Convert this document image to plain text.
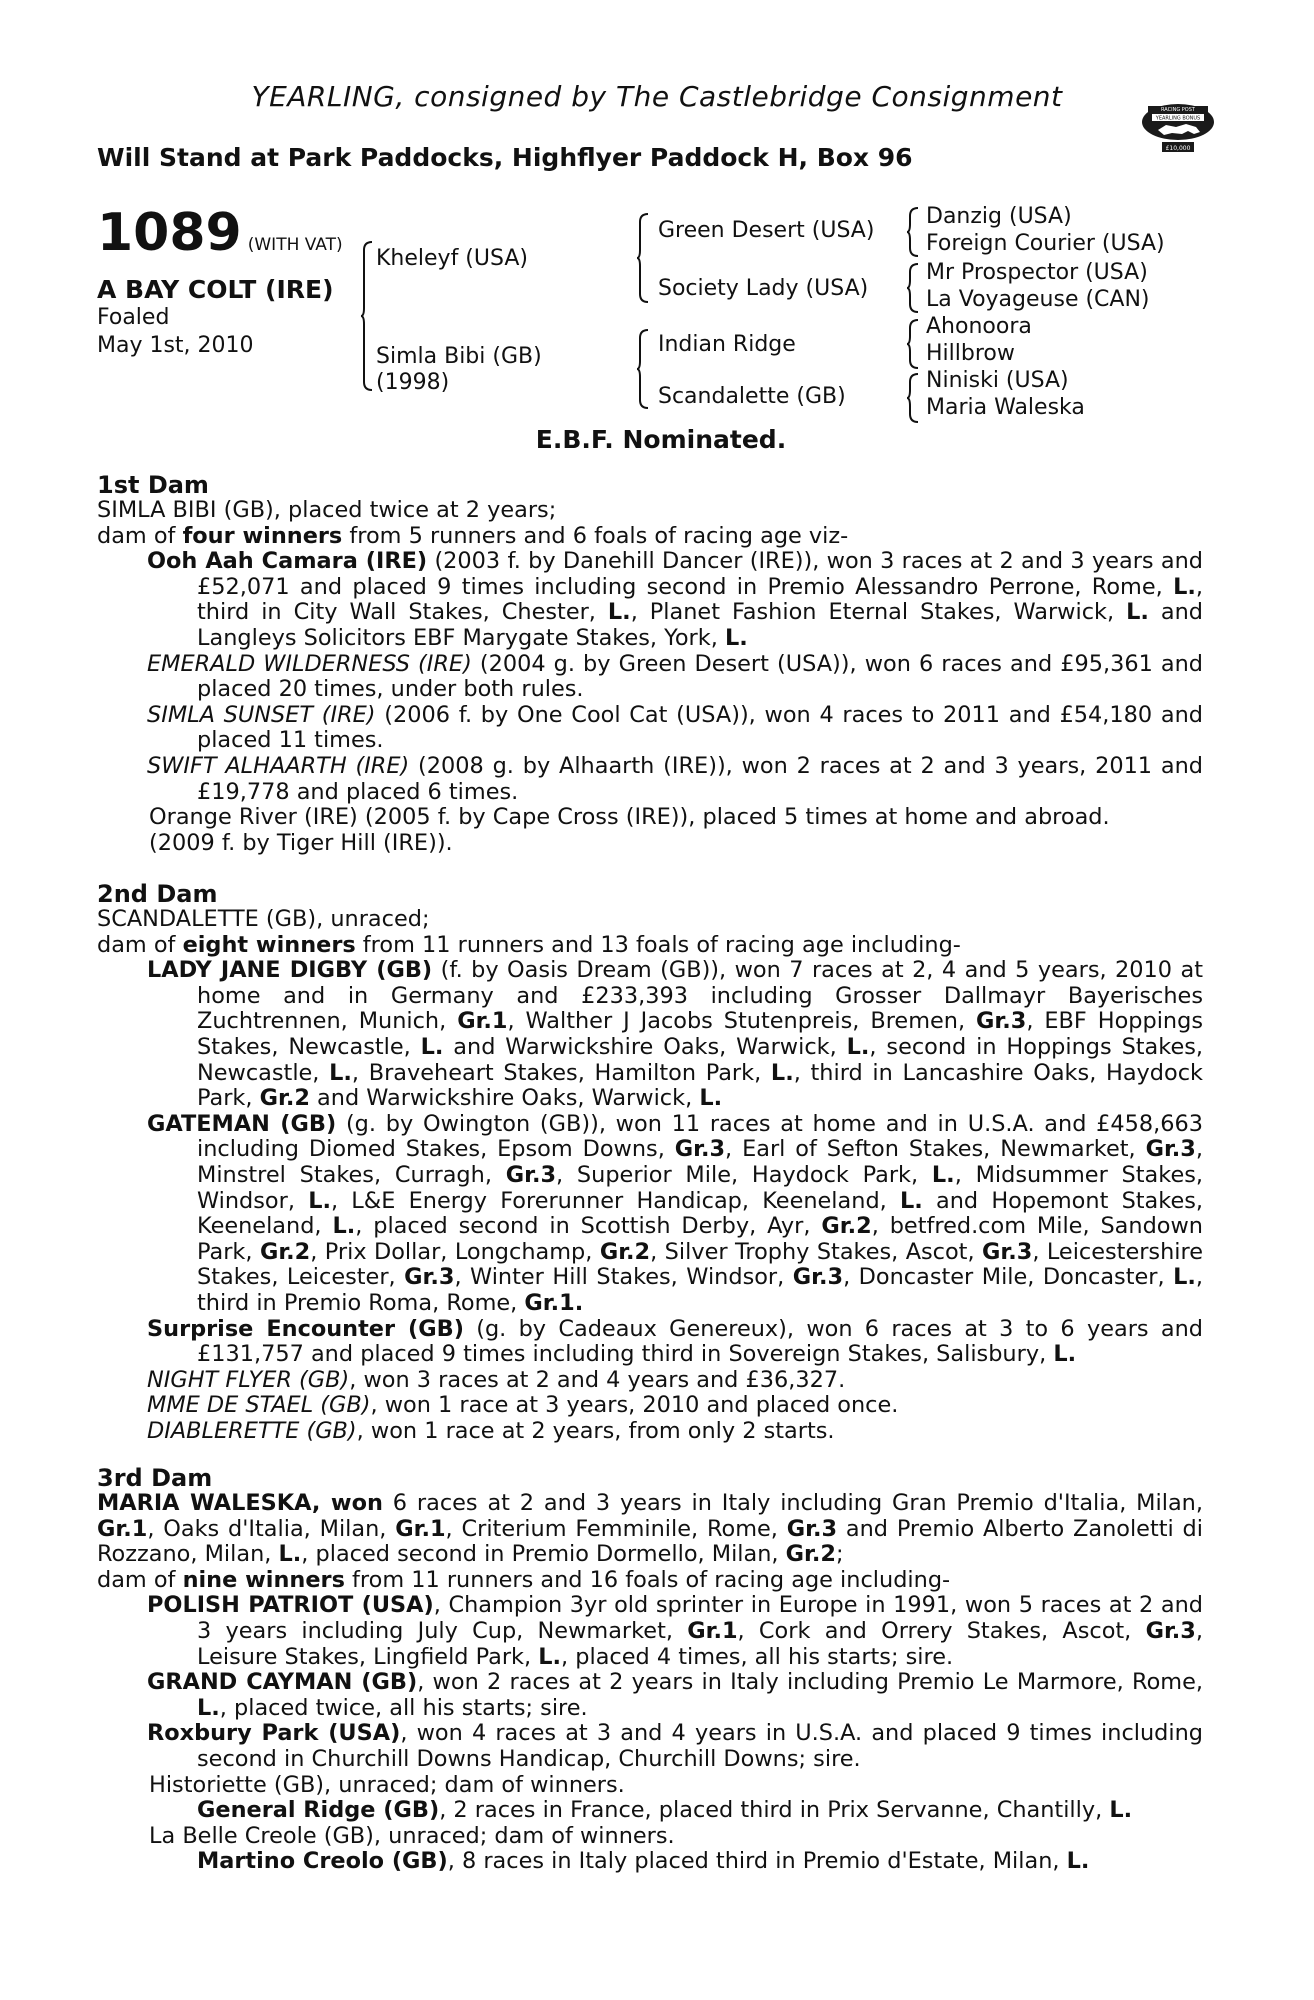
YEARLING, consigned by The Castlebridge Consignment
Will Stand at Park Paddocks, Highflyer Paddock H, Box 96
RACING POST
YEARLING BONUS
£10,000
1089 (WITH VAT)
A BAY COLT (IRE)
Foaled
May 1st, 2010
Kheleyf (USA)
Simla Bibi (GB)
(1998)
Green Desert (USA)
Society Lady (USA)
Indian Ridge
Scandalette (GB)
Danzig (USA)
Foreign Courier (USA)
Mr Prospector (USA)
La Voyageuse (CAN)
Ahonoora
Hillbrow
Niniski (USA)
Maria Waleska
E.B.F. Nominated.
1st Dam

SIMLA BIBI (GB), placed twice at 2 years;

dam of four winners from 5 runners and 6 foals of racing age viz-

Ooh Aah Camara (IRE) (2003 f. by Danehill Dancer (IRE)), won 3 races at 2 and 3 years and £52,071 and placed 9 times including second in Premio Alessandro Perrone, Rome, L., third in City Wall Stakes, Chester, L., Planet Fashion Eternal Stakes, Warwick, L. and Langleys Solicitors EBF Marygate Stakes, York, L.

EMERALD WILDERNESS (IRE) (2004 g. by Green Desert (USA)), won 6 races and £95,361 and placed 20 times, under both rules.

SIMLA SUNSET (IRE) (2006 f. by One Cool Cat (USA)), won 4 races to 2011 and £54,180 and placed 11 times.

SWIFT ALHAARTH (IRE) (2008 g. by Alhaarth (IRE)), won 2 races at 2 and 3 years, 2011 and £19,778 and placed 6 times.

Orange River (IRE) (2005 f. by Cape Cross (IRE)), placed 5 times at home and abroad.

(2009 f. by Tiger Hill (IRE)).

2nd Dam

SCANDALETTE (GB), unraced;

dam of eight winners from 11 runners and 13 foals of racing age including-

LADY JANE DIGBY (GB) (f. by Oasis Dream (GB)), won 7 races at 2, 4 and 5 years, 2010 at home and in Germany and £233,393 including Grosser Dallmayr Bayerisches Zuchtrennen, Munich, Gr.1, Walther J Jacobs Stutenpreis, Bremen, Gr.3, EBF Hoppings Stakes, Newcastle, L. and Warwickshire Oaks, Warwick, L., second in Hoppings Stakes, Newcastle, L., Braveheart Stakes, Hamilton Park, L., third in Lancashire Oaks, Haydock Park, Gr.2 and Warwickshire Oaks, Warwick, L.

GATEMAN (GB) (g. by Owington (GB)), won 11 races at home and in U.S.A. and £458,663 including Diomed Stakes, Epsom Downs, Gr.3, Earl of Sefton Stakes, Newmarket, Gr.3, Minstrel Stakes, Curragh, Gr.3, Superior Mile, Haydock Park, L., Midsummer Stakes, Windsor, L., L&E Energy Forerunner Handicap, Keeneland, L. and Hopemont Stakes, Keeneland, L., placed second in Scottish Derby, Ayr, Gr.2, betfred.com Mile, Sandown Park, Gr.2, Prix Dollar, Longchamp, Gr.2, Silver Trophy Stakes, Ascot, Gr.3, Leicestershire Stakes, Leicester, Gr.3, Winter Hill Stakes, Windsor, Gr.3, Doncaster Mile, Doncaster, L., third in Premio Roma, Rome, Gr.1.

Surprise Encounter (GB) (g. by Cadeaux Genereux), won 6 races at 3 to 6 years and £131,757 and placed 9 times including third in Sovereign Stakes, Salisbury, L.

NIGHT FLYER (GB), won 3 races at 2 and 4 years and £36,327.

MME DE STAEL (GB), won 1 race at 3 years, 2010 and placed once.

DIABLERETTE (GB), won 1 race at 2 years, from only 2 starts.

3rd Dam

MARIA WALESKA, won 6 races at 2 and 3 years in Italy including Gran Premio d'Italia, Milan, Gr.1, Oaks d'Italia, Milan, Gr.1, Criterium Femminile, Rome, Gr.3 and Premio Alberto Zanoletti di Rozzano, Milan, L., placed second in Premio Dormello, Milan, Gr.2;

dam of nine winners from 11 runners and 16 foals of racing age including-

POLISH PATRIOT (USA), Champion 3yr old sprinter in Europe in 1991, won 5 races at 2 and 3 years including July Cup, Newmarket, Gr.1, Cork and Orrery Stakes, Ascot, Gr.3, Leisure Stakes, Lingfield Park, L., placed 4 times, all his starts; sire.

GRAND CAYMAN (GB), won 2 races at 2 years in Italy including Premio Le Marmore, Rome, L., placed twice, all his starts; sire.

Roxbury Park (USA), won 4 races at 3 and 4 years in U.S.A. and placed 9 times including second in Churchill Downs Handicap, Churchill Downs; sire.

Historiette (GB), unraced; dam of winners.

General Ridge (GB), 2 races in France, placed third in Prix Servanne, Chantilly, L.

La Belle Creole (GB), unraced; dam of winners.

Martino Creolo (GB), 8 races in Italy placed third in Premio d'Estate, Milan, L.
